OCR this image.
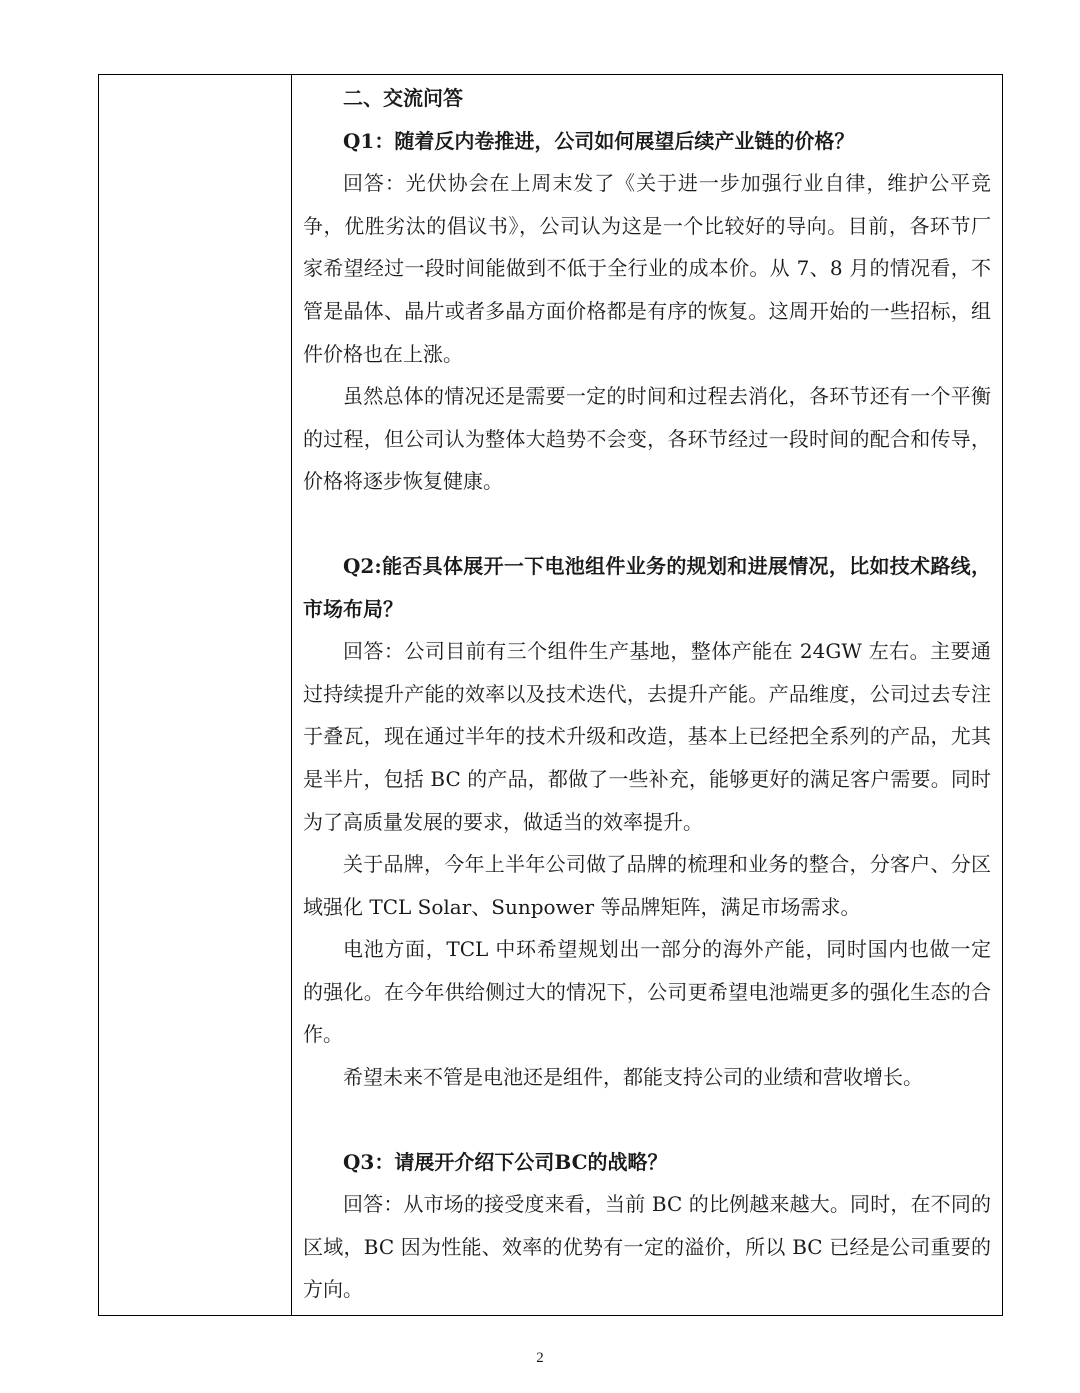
二、交流问答

Q1：随着反内卷推进，公司如何展望后续产业链的价格？

回答：光伏协会在上周末发了《关于进一步加强行业自律，维护公平竞争，优胜劣汰的倡议书》，公司认为这是一个比较好的导向。目前，各环节厂家希望经过一段时间能做到不低于全行业的成本价。从 7、8 月的情况看，不管是晶体、晶片或者多晶方面价格都是有序的恢复。这周开始的一些招标，组件价格也在上涨。

虽然总体的情况还是需要一定的时间和过程去消化，各环节还有一个平衡的过程，但公司认为整体大趋势不会变，各环节经过一段时间的配合和传导，价格将逐步恢复健康。

Q2:能否具体展开一下电池组件业务的规划和进展情况，比如技术路线，市场布局？

回答：公司目前有三个组件生产基地，整体产能在 24GW 左右。主要通过持续提升产能的效率以及技术迭代，去提升产能。产品维度，公司过去专注于叠瓦，现在通过半年的技术升级和改造，基本上已经把全系列的产品，尤其是半片，包括 BC 的产品，都做了一些补充，能够更好的满足客户需要。同时为了高质量发展的要求，做适当的效率提升。

关于品牌，今年上半年公司做了品牌的梳理和业务的整合，分客户、分区域强化 TCL Solar、Sunpower 等品牌矩阵，满足市场需求。

电池方面，TCL 中环希望规划出一部分的海外产能，同时国内也做一定的强化。在今年供给侧过大的情况下，公司更希望电池端更多的强化生态的合作。

希望未来不管是电池还是组件，都能支持公司的业绩和营收增长。

Q3：请展开介绍下公司BC的战略？

回答：从市场的接受度来看，当前 BC 的比例越来越大。同时，在不同的区域，BC 因为性能、效率的优势有一定的溢价，所以 BC 已经是公司重要的方向。

2
